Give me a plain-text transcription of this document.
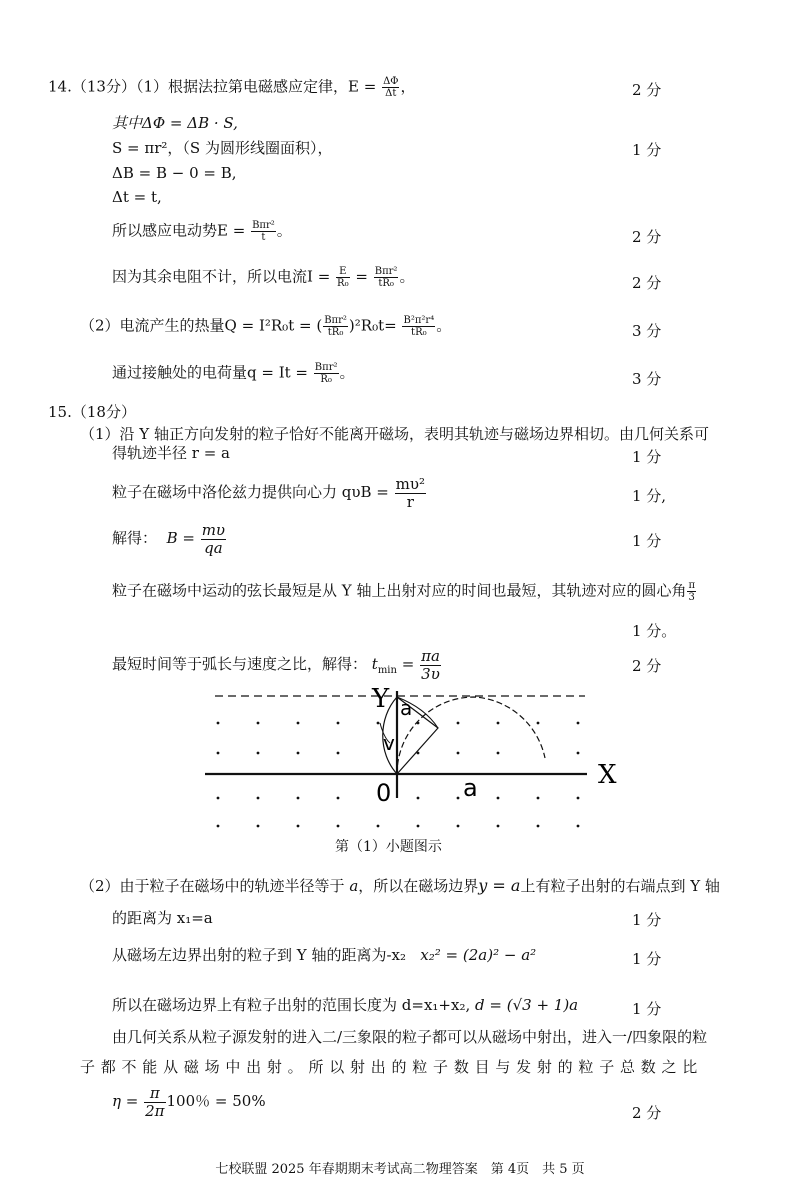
14.（13分）（1）根据法拉第电磁感应定律，$E = \frac{\Delta\Phi}{\Delta t}$ ，	2 分
其中ΔΦ = ΔB · S,
S = πr²，（S 为圆形线圈面积），	1 分
ΔB = B − 0 = B,
Δt = t,
所以感应电动势$E = \frac{\text{Bπr²}}{t}$ 。	2 分
因为其余电阻不计，所以电流$I = \frac{E}{\text{R₀}} = \frac{\text{Bπr²}}{\text{tR₀}}$ 。	2 分
（2）电流产生的热量Q = I²R₀t = ( $\frac{\text{Bπr²}}{\text{tR₀}} )^2R_0t= \frac{\text{B²π²r⁴}}{\text{tR₀}}$ 。	3 分
通过接触处的电荷量$q = It = \frac{\text{Bπr²}}{\text{R₀}}$ 。	3 分
15.（18分）
（1）沿 Y 轴正方向发射的粒子恰好不能离开磁场，表明其轨迹与磁场边界相切。由几何关系可
得轨迹半径 r = a	1 分
粒子在磁场中洛伦兹力提供向心力 $q\upsilon B = \frac{\text{mυ²}}{r}$	1 分,
解得： $B = \frac{m\upsilon}{qa}$	1 分
粒子在磁场中运动的弦长最短是从 Y 轴上出射对应的时间也最短，其轨迹对应的圆心角 $\frac{\pi}{3}$
1 分。
最短时间等于弧长与速度之比，解得： $t_{min} = \frac{\pi a}{3\upsilon}$	2 分
Y a
v
X
0	a
第（1）小题图示
（2）由于粒子在磁场中的轨迹半径等于 a，所以在磁场边界y = a上有粒子出射的右端点到 Y 轴
的距离为 x₁=a	1 分
从磁场左边界出射的粒子到 Y 轴的距离为-x₂ x₂² = (2a)² − a²	1 分
所以在磁场边界上有粒子出射的范围长度为 d=x₁+x₂, d = (√3 + 1)a	1 分
由几何关系从粒子源发射的进入二/三象限的粒子都可以从磁场中射出，进入一/四象限的粒
子 都 不 能 从 磁 场 中 出 射 。 所 以 射 出 的 粒 子 数 目 与 发 射 的 粒 子 总 数 之 比
$\eta = \frac{\pi}{2\pi} 100$％ = 50%
2 分
七校联盟 2025 年春期期末考试高二物理答案　第 4页　共 5 页
